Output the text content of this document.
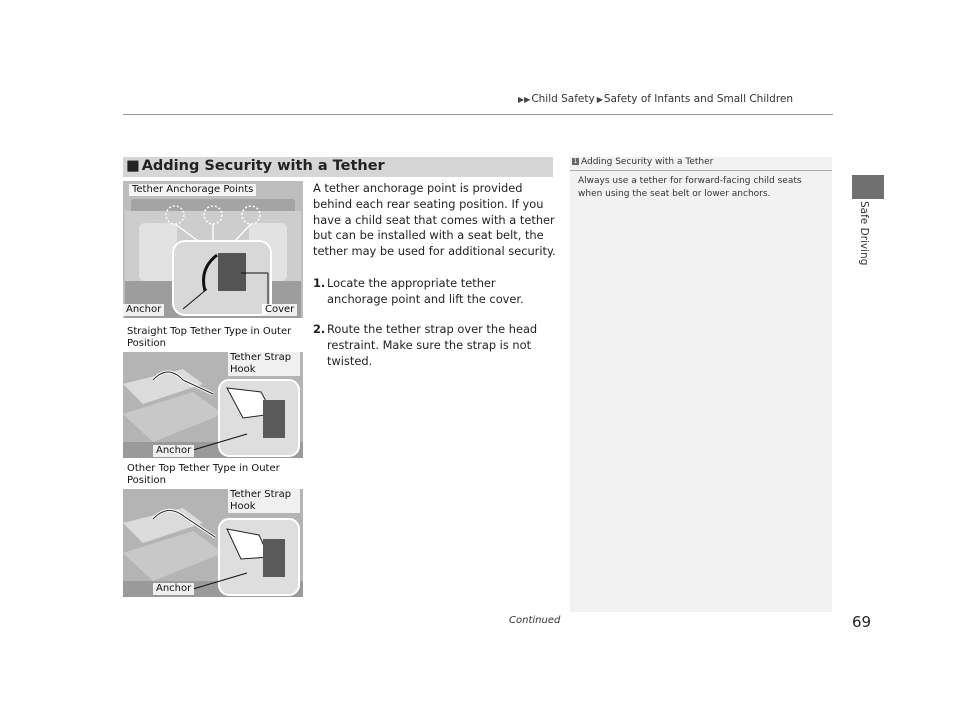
▶▶Child Safety ▶Safety of Infants and Small Children
Safe Driving
■ Adding Security with a Tether
Tether Anchorage Points
Anchor	Cover
Straight Top Tether Type in Outer Position
Tether Strap Hook
Anchor
Other Top Tether Type in Outer Position
Tether Strap Hook
Anchor
A tether anchorage point is provided behind each rear seating position. If you have a child seat that comes with a tether but can be installed with a seat belt, the tether may be used for additional security.
1. Locate the appropriate tether anchorage point and lift the cover.
2. Route the tether strap over the head restraint. Make sure the strap is not twisted.
1 Adding Security with a Tether
Always use a tether for forward-facing child seats when using the seat belt or lower anchors.
Continued	69
